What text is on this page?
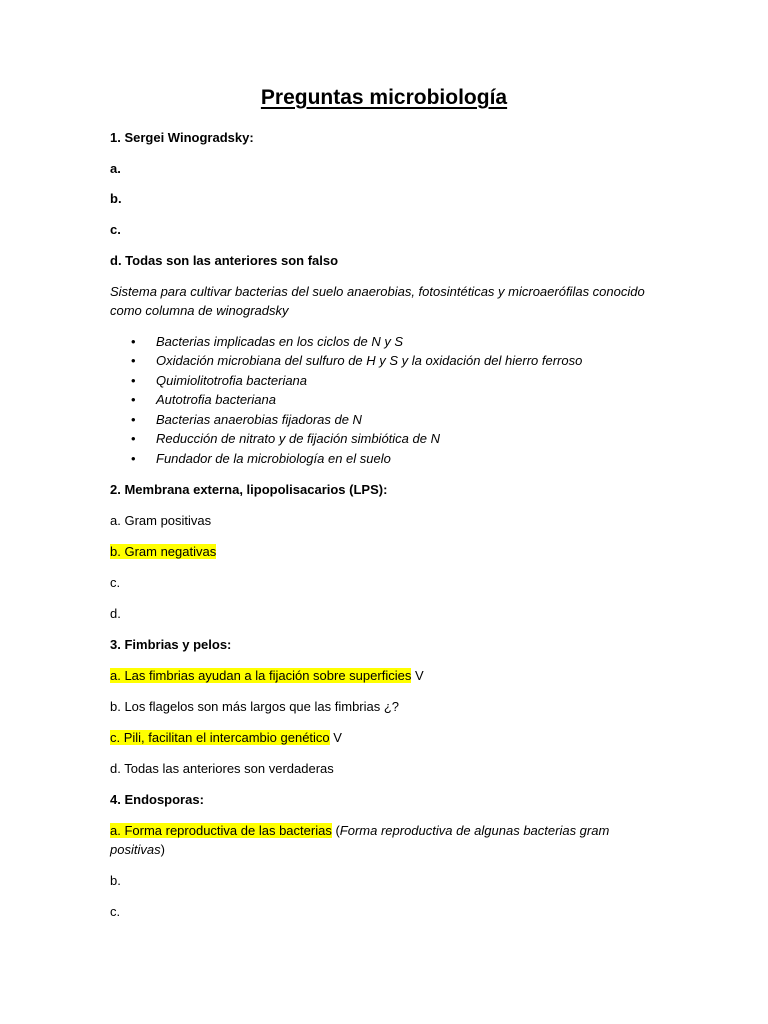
Preguntas microbiología
1. Sergei Winogradsky:
a.
b.
c.
d. Todas son las anteriores son falso
Sistema para cultivar bacterias del suelo anaerobias, fotosintéticas y microaerófilas conocido
como columna de winogradsky
• Bacterias implicadas en los ciclos de N y S
• Oxidación microbiana del sulfuro de H y S y la oxidación del hierro ferroso
• Quimiolitotrofia bacteriana
• Autotrofia bacteriana
• Bacterias anaerobias fijadoras de N
• Reducción de nitrato y de fijación simbiótica de N
• Fundador de la microbiología en el suelo
2. Membrana externa, lipopolisacarios (LPS):
a. Gram positivas
b. Gram negativas
c.
d.
3. Fimbrias y pelos:
a. Las fimbrias ayudan a la fijación sobre superficies V
b. Los flagelos son más largos que las fimbrias ¿?
c. Pili, facilitan el intercambio genético V
d. Todas las anteriores son verdaderas
4. Endosporas:
a. Forma reproductiva de las bacterias (Forma reproductiva de algunas bacterias gram
positivas)
b.
c.
